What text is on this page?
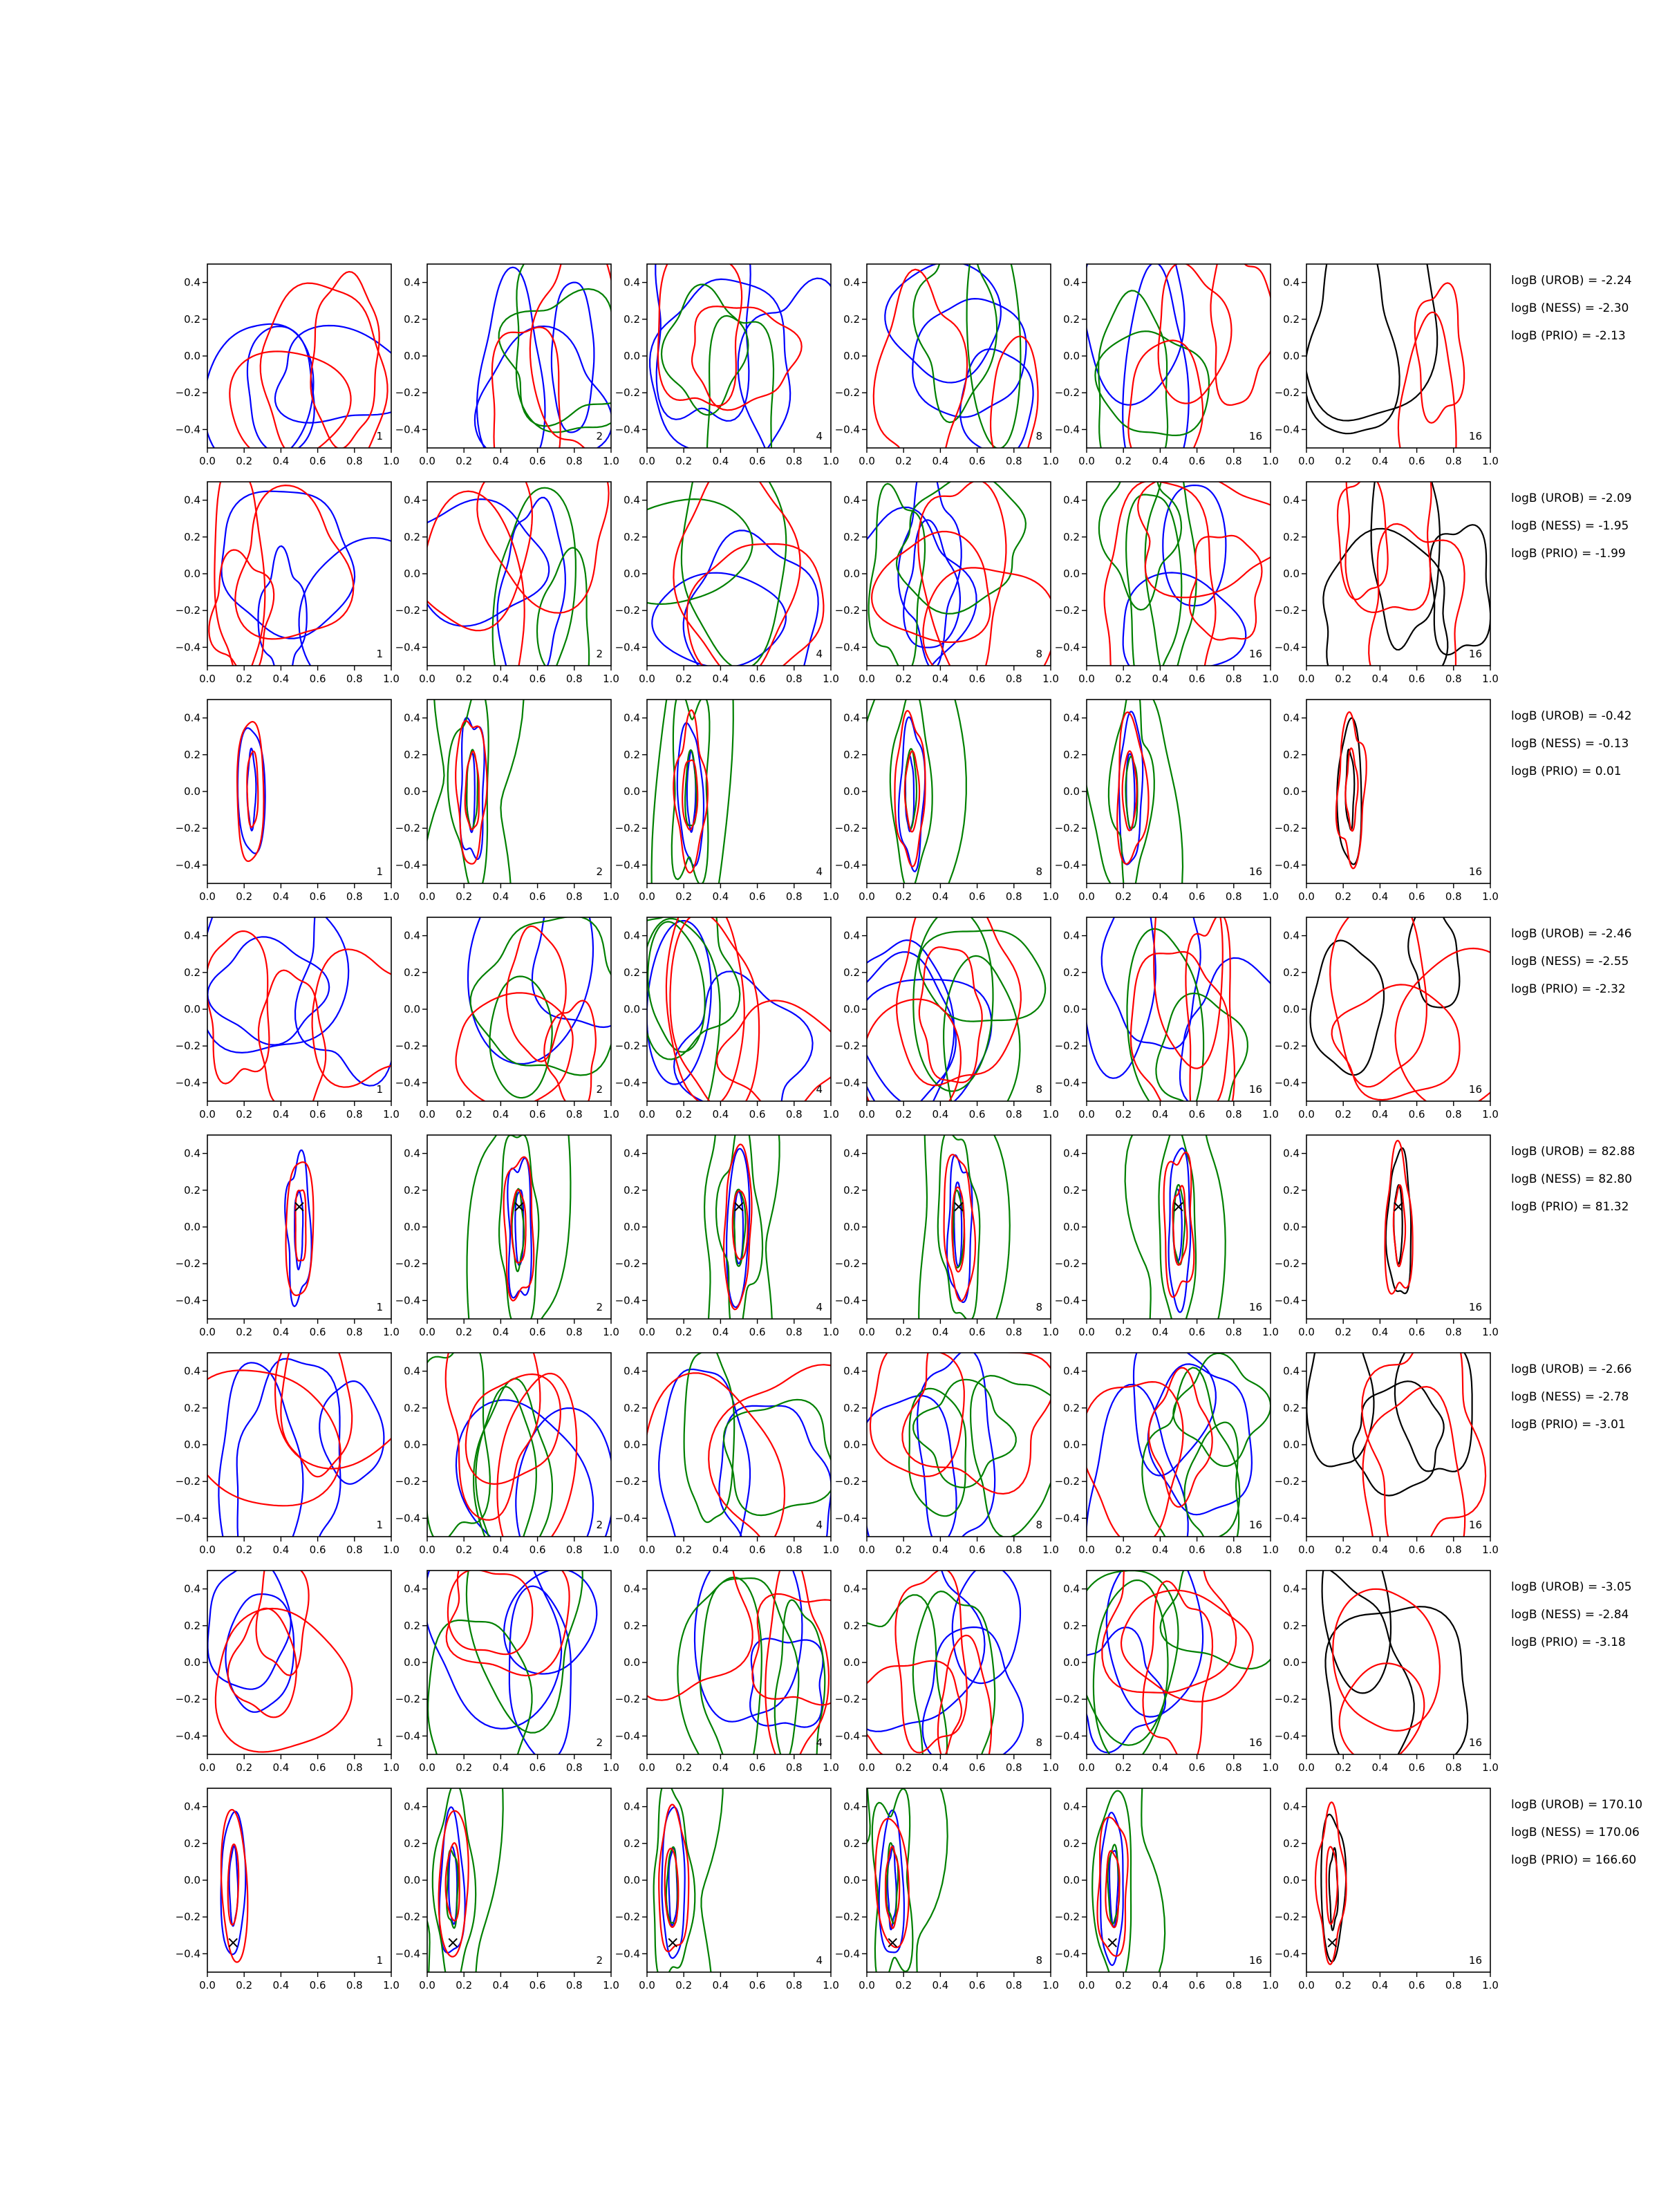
0.0 0.2 0.4 0.6 0.8 1.0
0.4
0.2
0.0
−0.2
−0.4
1
0.0 0.2 0.4 0.6 0.8 1.0
0.4
0.2
0.0
−0.2
−0.4
2
0.0 0.2 0.4 0.6 0.8 1.0
0.4
0.2
0.0
−0.2
−0.4
4
0.0 0.2 0.4 0.6 0.8 1.0
0.4
0.2
0.0
−0.2
−0.4
8
0.0 0.2 0.4 0.6 0.8 1.0
0.4
0.2
0.0
−0.2
−0.4
16
0.0 0.2 0.4 0.6 0.8 1.0
0.4
0.2
0.0
−0.2
−0.4
16
logB (UROB) = -2.24
logB (NESS) = -2.30
logB (PRIO) = -2.13
0.0 0.2 0.4 0.6 0.8 1.0
0.4
0.2
0.0
−0.2
−0.4
1
0.0 0.2 0.4 0.6 0.8 1.0
0.4
0.2
0.0
−0.2
−0.4
2
0.0 0.2 0.4 0.6 0.8 1.0
0.4
0.2
0.0
−0.2
−0.4
4
0.0 0.2 0.4 0.6 0.8 1.0
0.4
0.2
0.0
−0.2
−0.4
8
0.0 0.2 0.4 0.6 0.8 1.0
0.4
0.2
0.0
−0.2
−0.4
16
0.0 0.2 0.4 0.6 0.8 1.0
0.4
0.2
0.0
−0.2
−0.4
16
logB (UROB) = -2.09
logB (NESS) = -1.95
logB (PRIO) = -1.99
0.0 0.2 0.4 0.6 0.8 1.0
0.4
0.2
0.0
−0.2
−0.4
1
0.0 0.2 0.4 0.6 0.8 1.0
0.4
0.2
0.0
−0.2
−0.4
2
0.0 0.2 0.4 0.6 0.8 1.0
0.4
0.2
0.0
−0.2
−0.4
4
0.0 0.2 0.4 0.6 0.8 1.0
0.4
0.2
0.0
−0.2
−0.4
8
0.0 0.2 0.4 0.6 0.8 1.0
0.4
0.2
0.0
−0.2
−0.4
16
0.0 0.2 0.4 0.6 0.8 1.0
0.4
0.2
0.0
−0.2
−0.4
16
logB (UROB) = -0.42
logB (NESS) = -0.13
logB (PRIO) = 0.01
0.0 0.2 0.4 0.6 0.8 1.0
0.4
0.2
0.0
−0.2
−0.4
1
0.0 0.2 0.4 0.6 0.8 1.0
0.4
0.2
0.0
−0.2
−0.4
2
0.0 0.2 0.4 0.6 0.8 1.0
0.4
0.2
0.0
−0.2
−0.4
4
0.0 0.2 0.4 0.6 0.8 1.0
0.4
0.2
0.0
−0.2
−0.4
8
0.0 0.2 0.4 0.6 0.8 1.0
0.4
0.2
0.0
−0.2
−0.4
16
0.0 0.2 0.4 0.6 0.8 1.0
0.4
0.2
0.0
−0.2
−0.4
16
logB (UROB) = -2.46
logB (NESS) = -2.55
logB (PRIO) = -2.32
0.0 0.2 0.4 0.6 0.8 1.0
0.4
0.2
0.0
−0.2
−0.4
1
0.0 0.2 0.4 0.6 0.8 1.0
0.4
0.2
0.0
−0.2
−0.4
2
0.0 0.2 0.4 0.6 0.8 1.0
0.4
0.2
0.0
−0.2
−0.4
4
0.0 0.2 0.4 0.6 0.8 1.0
0.4
0.2
0.0
−0.2
−0.4
8
0.0 0.2 0.4 0.6 0.8 1.0
0.4
0.2
0.0
−0.2
−0.4
16
0.0 0.2 0.4 0.6 0.8 1.0
0.4
0.2
0.0
−0.2
−0.4
16
logB (UROB) = 82.88
logB (NESS) = 82.80
logB (PRIO) = 81.32
0.0 0.2 0.4 0.6 0.8 1.0
0.4
0.2
0.0
−0.2
−0.4
1
0.0 0.2 0.4 0.6 0.8 1.0
0.4
0.2
0.0
−0.2
−0.4
2
0.0 0.2 0.4 0.6 0.8 1.0
0.4
0.2
0.0
−0.2
−0.4
4
0.0 0.2 0.4 0.6 0.8 1.0
0.4
0.2
0.0
−0.2
−0.4
8
0.0 0.2 0.4 0.6 0.8 1.0
0.4
0.2
0.0
−0.2
−0.4
16
0.0 0.2 0.4 0.6 0.8 1.0
0.4
0.2
0.0
−0.2
−0.4
16
logB (UROB) = -2.66
logB (NESS) = -2.78
logB (PRIO) = -3.01
0.0 0.2 0.4 0.6 0.8 1.0
0.4
0.2
0.0
−0.2
−0.4
1
0.0 0.2 0.4 0.6 0.8 1.0
0.4
0.2
0.0
−0.2
−0.4
2
0.0 0.2 0.4 0.6 0.8 1.0
0.4
0.2
0.0
−0.2
−0.4
4
0.0 0.2 0.4 0.6 0.8 1.0
0.4
0.2
0.0
−0.2
−0.4
8
0.0 0.2 0.4 0.6 0.8 1.0
0.4
0.2
0.0
−0.2
−0.4
16
0.0 0.2 0.4 0.6 0.8 1.0
0.4
0.2
0.0
−0.2
−0.4
16
logB (UROB) = -3.05
logB (NESS) = -2.84
logB (PRIO) = -3.18
0.0 0.2 0.4 0.6 0.8 1.0
0.4
0.2
0.0
−0.2
−0.4
1
0.0 0.2 0.4 0.6 0.8 1.0
0.4
0.2
0.0
−0.2
−0.4
2
0.0 0.2 0.4 0.6 0.8 1.0
0.4
0.2
0.0
−0.2
−0.4
4
0.0 0.2 0.4 0.6 0.8 1.0
0.4
0.2
0.0
−0.2
−0.4
8
0.0 0.2 0.4 0.6 0.8 1.0
0.4
0.2
0.0
−0.2
−0.4
16
0.0 0.2 0.4 0.6 0.8 1.0
0.4
0.2
0.0
−0.2
−0.4
16
logB (UROB) = 170.10
logB (NESS) = 170.06
logB (PRIO) = 166.60
